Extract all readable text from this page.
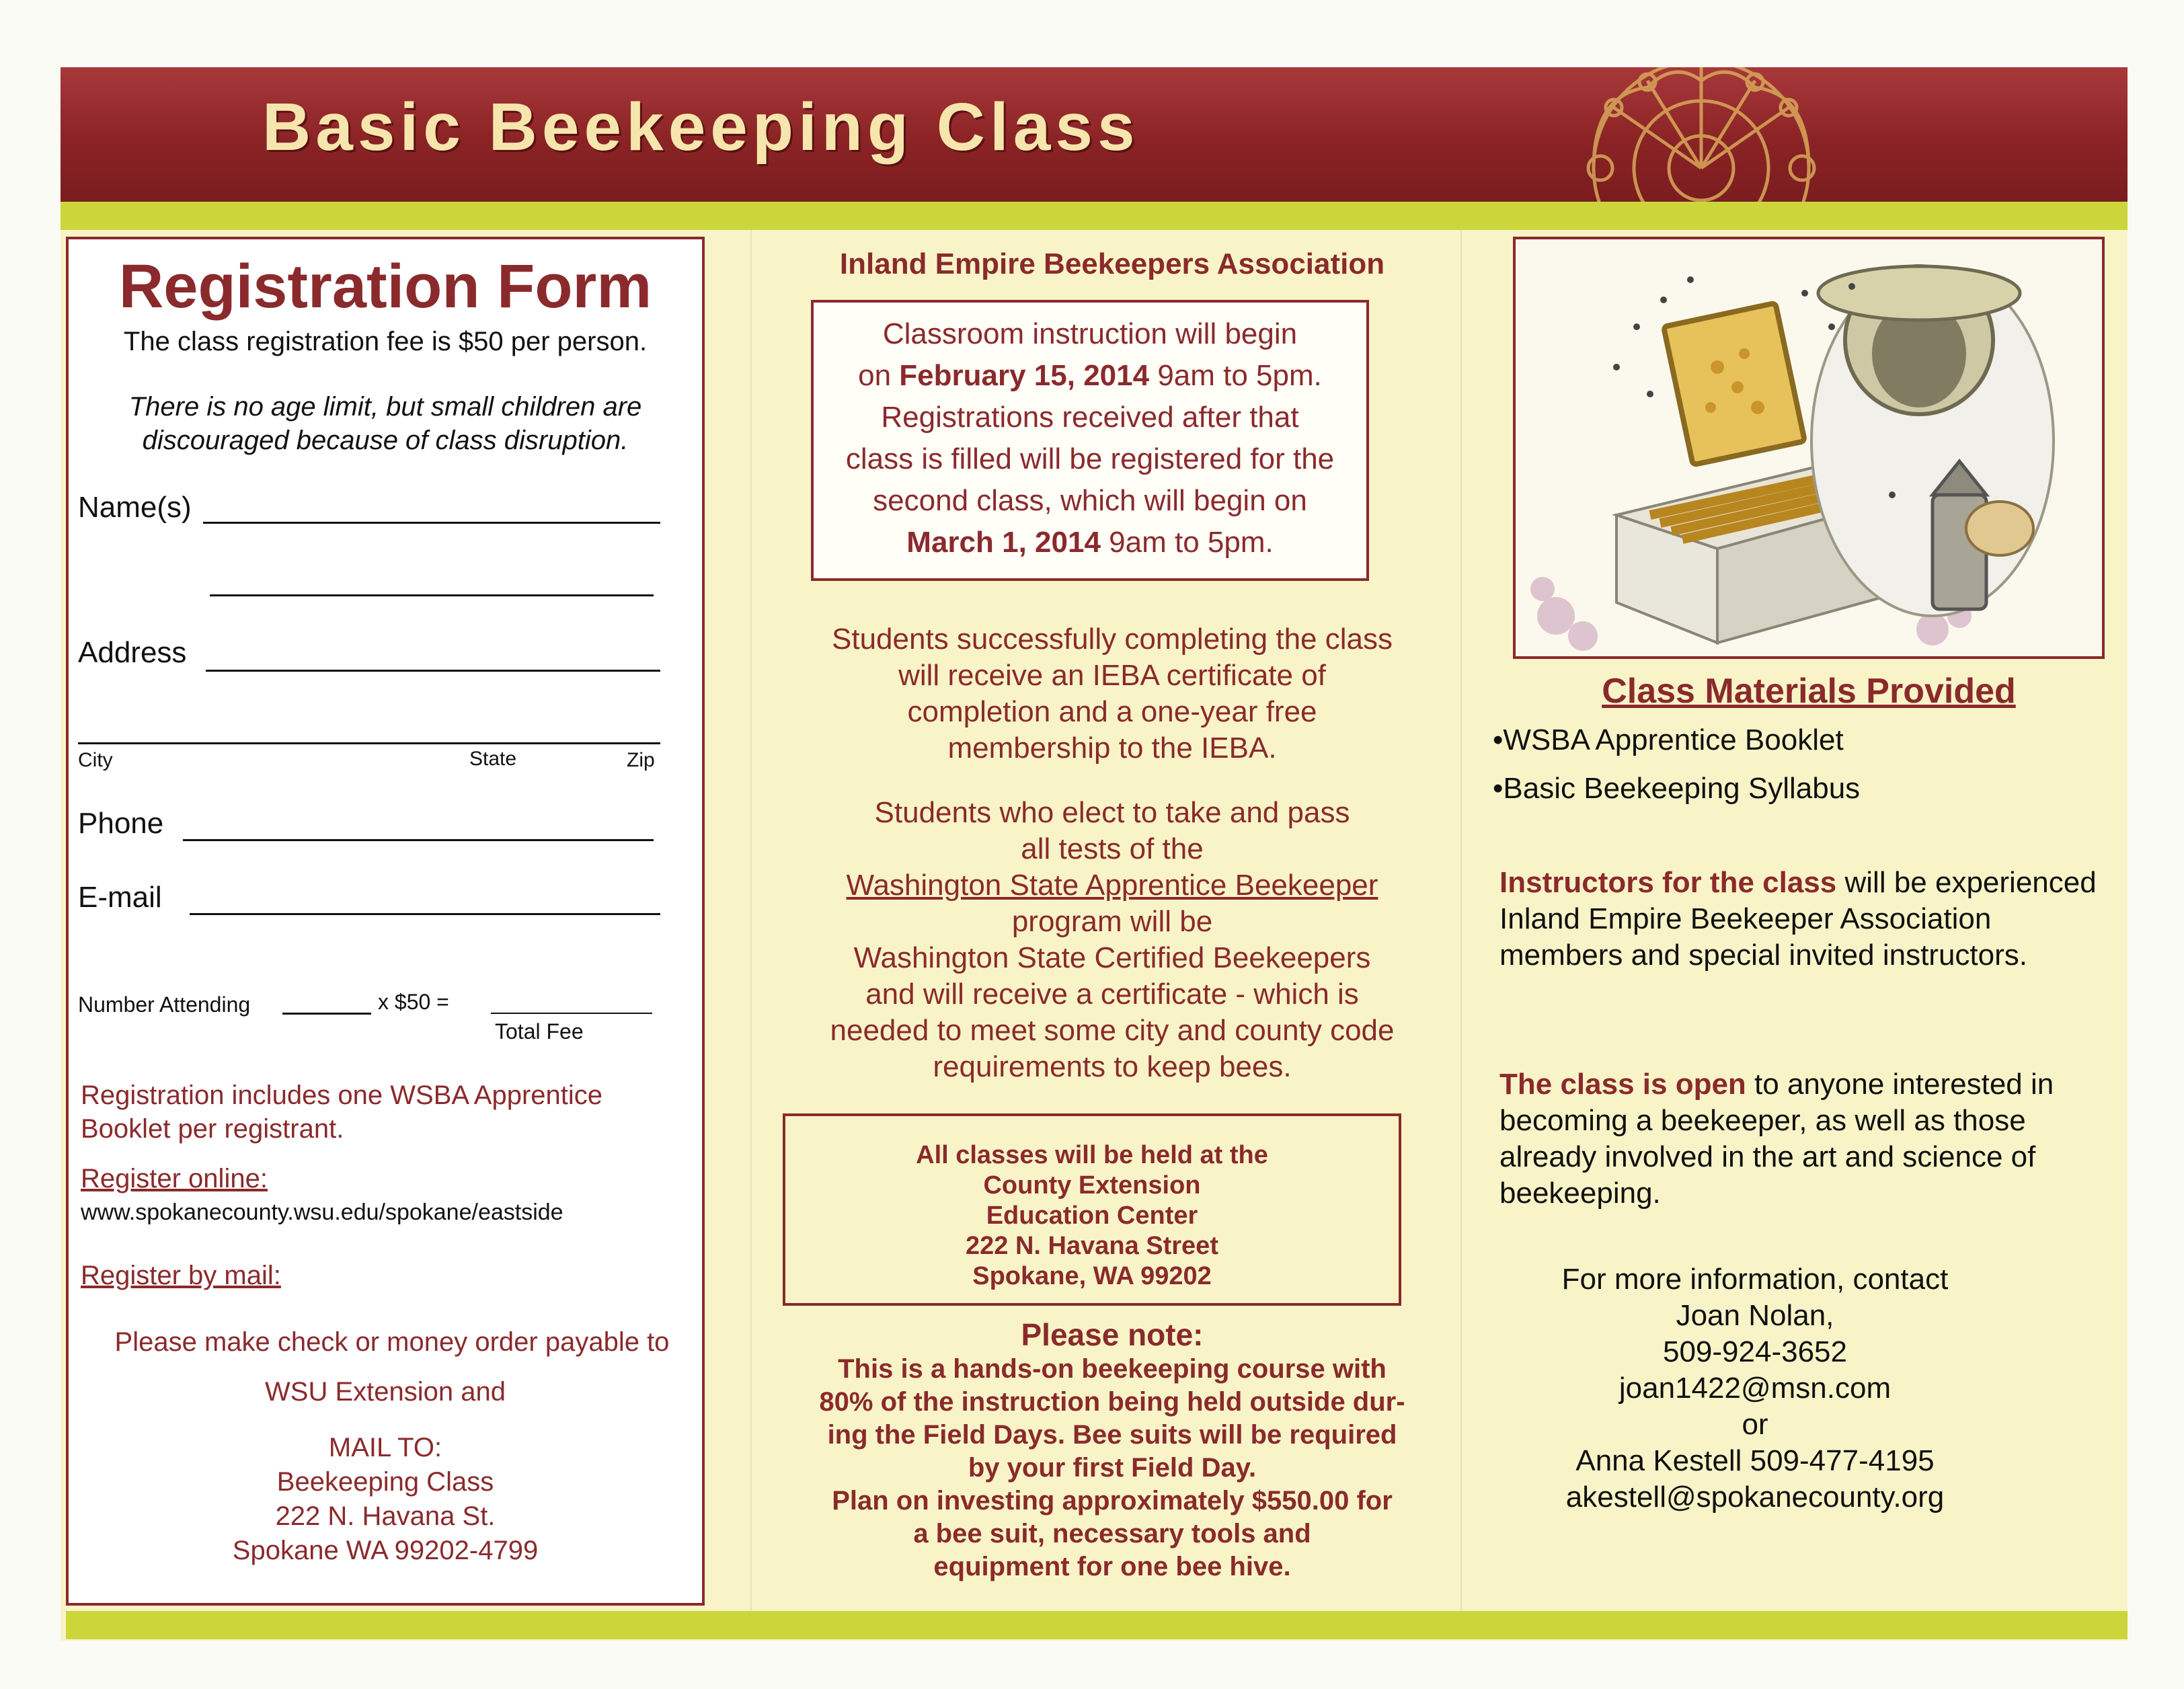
Basic Beekeeping Class
Registration Form
The class registration fee is $50 per person.
There is no age limit, but small children are
discouraged because of class disruption.
Name(s)
Address
City	State	Zip
Phone
E-mail
Number Attending	x $50 =
Total Fee
Registration includes one WSBA Apprentice
Booklet per registrant.
Register online:
www.spokanecounty.wsu.edu/spokane/eastside
Register by mail:
Please make check or money order payable to
WSU Extension and
MAIL TO:
Beekeeping Class
222 N. Havana St.
Spokane WA 99202-4799
Inland Empire Beekeepers Association
Classroom instruction will begin
on February 15, 2014 9am to 5pm.
Registrations received after that
class is filled will be registered for the
second class, which will begin on
March 1, 2014 9am to 5pm.
Students successfully completing the class
will receive an IEBA certificate of
completion and a one-year free
membership to the IEBA.
Students who elect to take and pass
all tests of the
Washington State Apprentice Beekeeper
program will be
Washington State Certified Beekeepers
and will receive a certificate - which is
needed to meet some city and county code
requirements to keep bees.
All classes will be held at the
County Extension
Education Center
222 N. Havana Street
Spokane, WA 99202
Please note:
This is a hands-on beekeeping course with
80% of the instruction being held outside dur-
ing the Field Days. Bee suits will be required
by your first Field Day.
Plan on investing approximately $550.00 for
a bee suit, necessary tools and
equipment for one bee hive.
Class Materials Provided
•WSBA Apprentice Booklet
•Basic Beekeeping Syllabus
Instructors for the class will be experienced Inland Empire Beekeeper Association members and special invited instructors.
The class is open to anyone interested in becoming a beekeeper, as well as those already involved in the art and science of beekeeping.
For more information, contact
Joan Nolan,
509-924-3652
joan1422@msn.com
or
Anna Kestell 509-477-4195
akestell@spokanecounty.org
